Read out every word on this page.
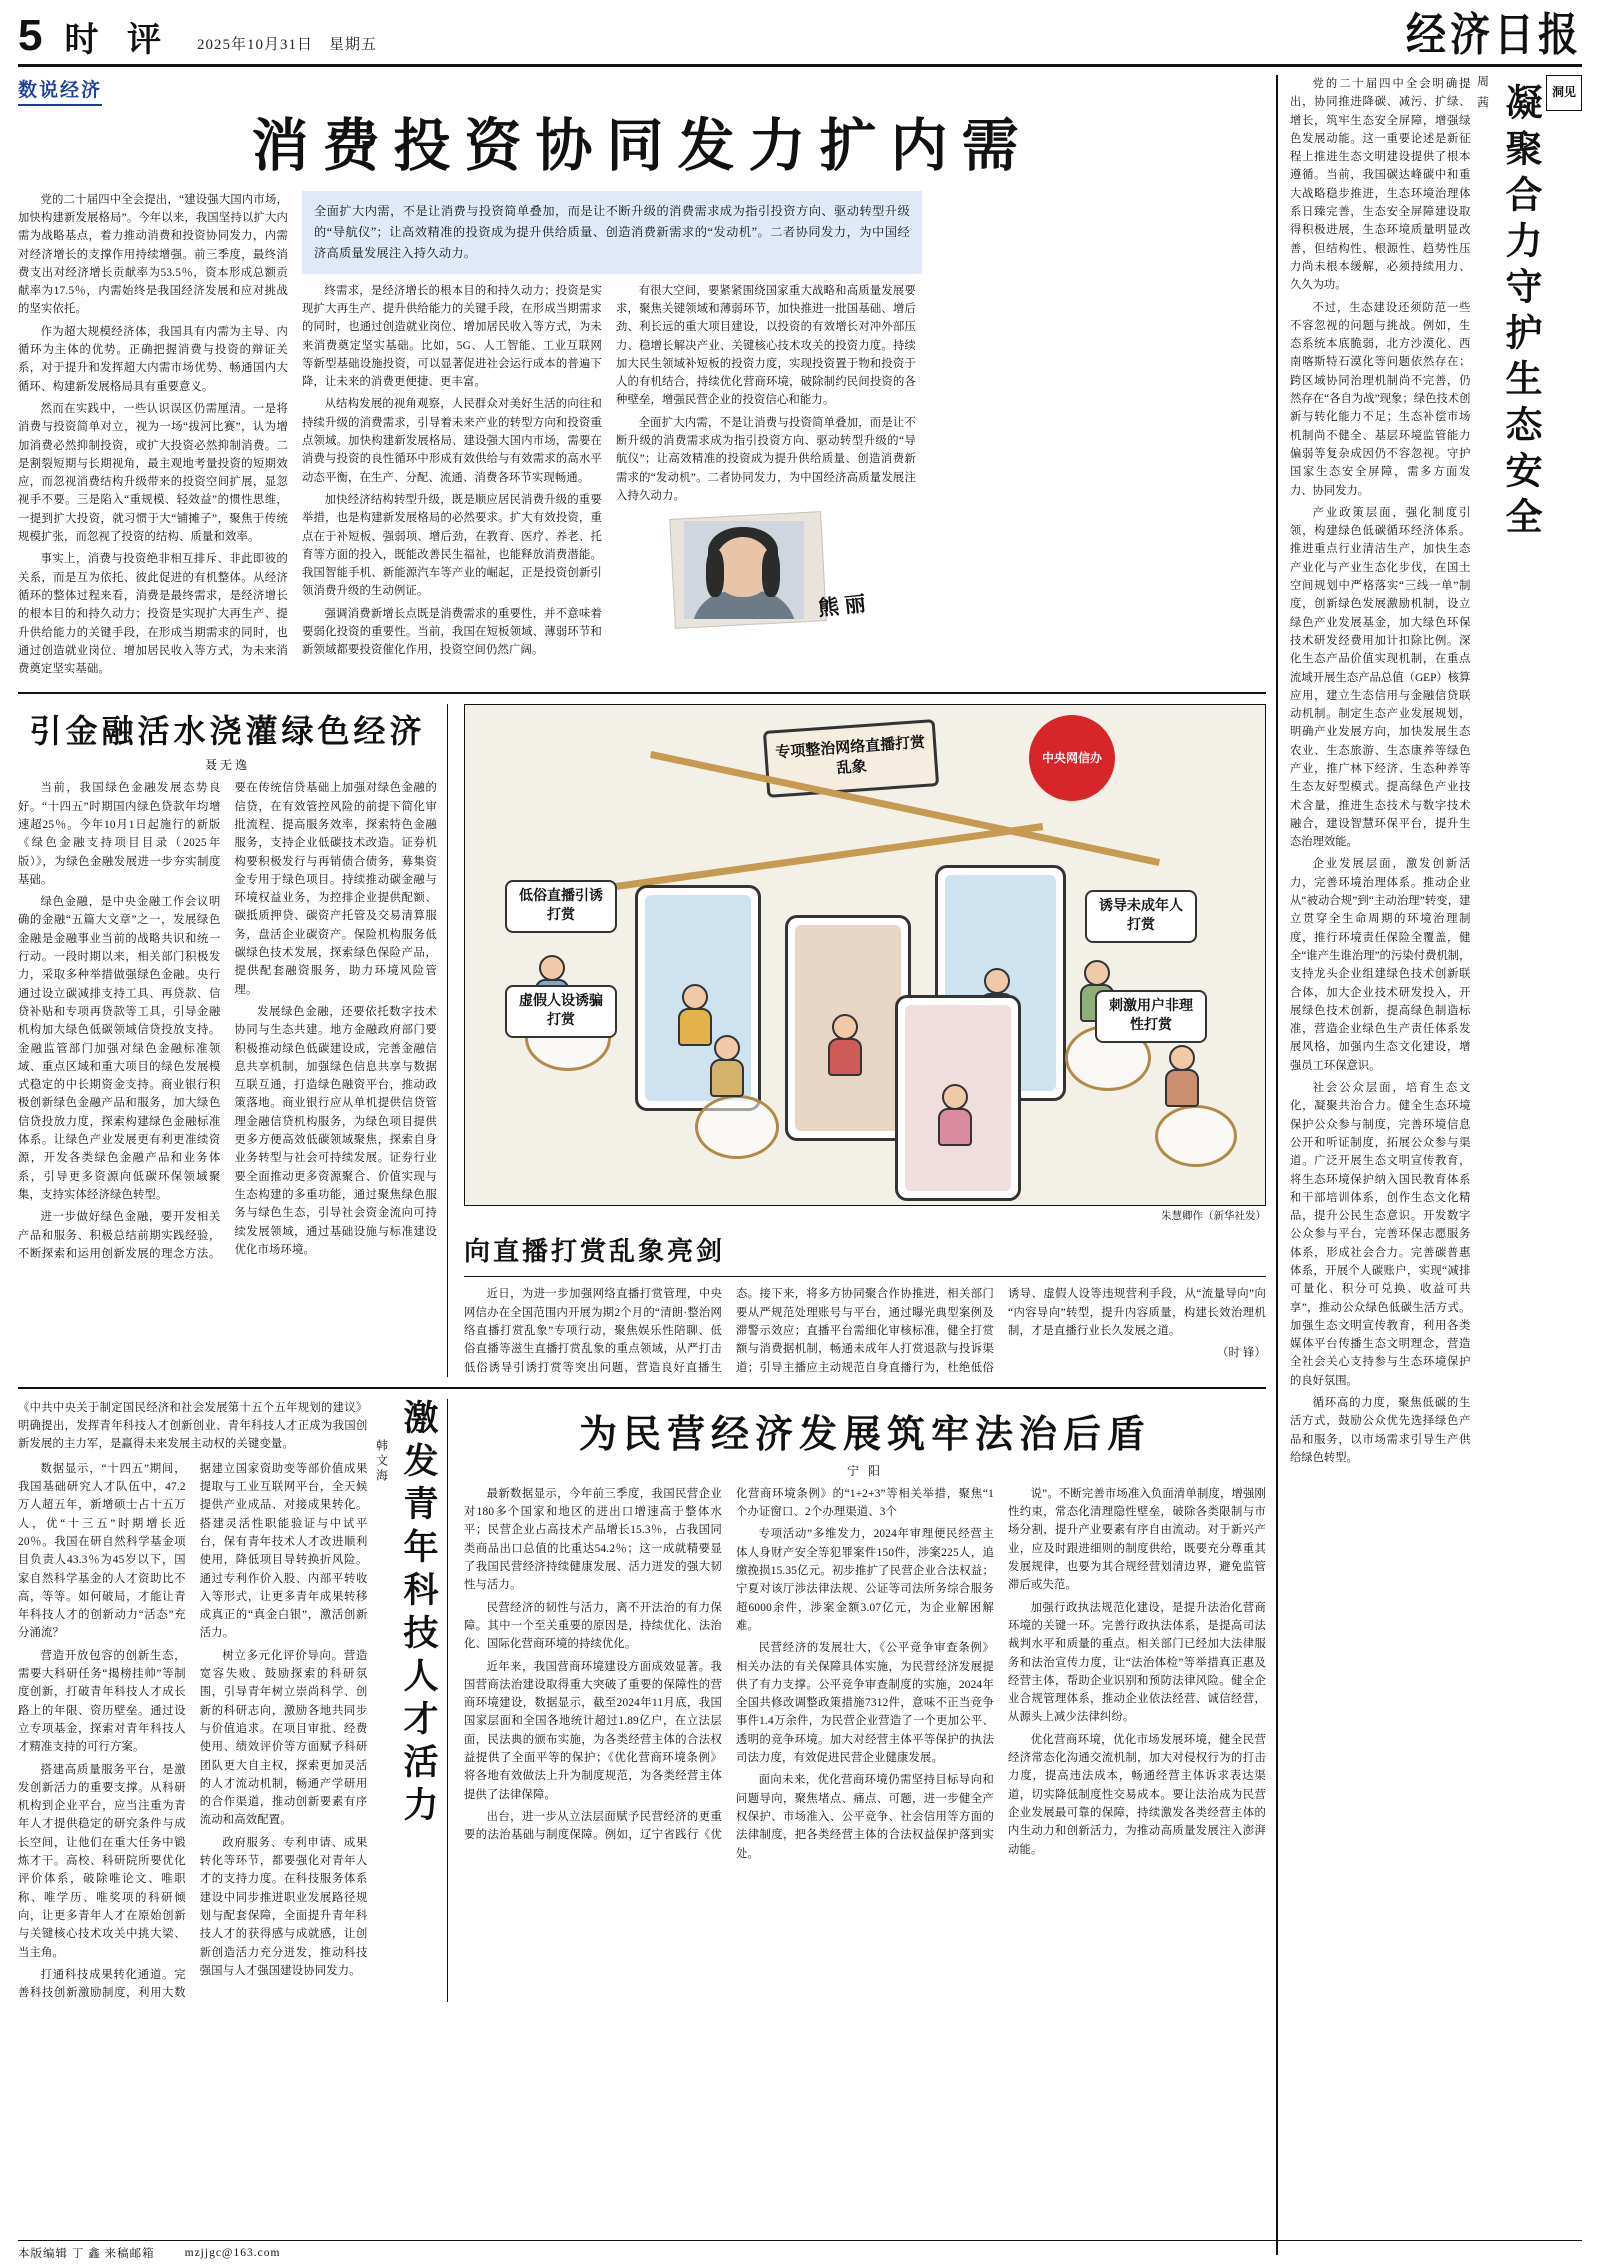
5 时 评 2025年10月31日　星期五	经济日报
数说经济
消费投资协同发力扩内需

党的二十届四中全会提出，“建设强大国内市场，加快构建新发展格局”。今年以来，我国坚持以扩大内需为战略基点，着力推动消费和投资协同发力，内需对经济增长的支撑作用持续增强。前三季度，最终消费支出对经济增长贡献率为53.5％，资本形成总额贡献率为17.5％，内需始终是我国经济发展和应对挑战的坚实依托。

作为超大规模经济体，我国具有内需为主导、内循环为主体的优势。正确把握消费与投资的辩证关系，对于提升和发挥超大内需市场优势、畅通国内大循环、构建新发展格局具有重要意义。

然而在实践中，一些认识误区仍需厘清。一是将消费与投资简单对立，视为一场“拔河比赛”，认为增加消费必然抑制投资，或扩大投资必然抑制消费。二是割裂短期与长期视角，最主观地考量投资的短期效应，而忽视消费结构升级带来的投资空间扩展，显忽视手不要。三是陷入“重规模、轻效益”的惯性思维，一提到扩大投资，就习惯于大“铺摊子”，聚焦于传统规模扩张，而忽视了投资的结构、质量和效率。

事实上，消费与投资绝非相互排斥、非此即彼的关系，而是互为依托、彼此促进的有机整体。从经济循环的整体过程来看，消费是最终需求，是经济增长的根本目的和持久动力；投资是实现扩大再生产、提升供给能力的关键手段，在形成当期需求的同时，也通过创造就业岗位、增加居民收入等方式，为未来消费奠定坚实基础。

全面扩大内需，不是让消费与投资简单叠加，而是让不断升级的消费需求成为指引投资方向、驱动转型升级的“导航仪”；让高效精准的投资成为提升供给质量、创造消费新需求的“发动机”。二者协同发力，为中国经济高质量发展注入持久动力。

终需求，是经济增长的根本目的和持久动力；投资是实现扩大再生产、提升供给能力的关键手段，在形成当期需求的同时，也通过创造就业岗位、增加居民收入等方式，为未来消费奠定坚实基础。比如，5G、人工智能、工业互联网等新型基础设施投资，可以显著促进社会运行成本的普遍下降，让未来的消费更便捷、更丰富。

从结构发展的视角观察，人民群众对美好生活的向往和持续升级的消费需求，引导着未来产业的转型方向和投资重点领域。加快构建新发展格局、建设强大国内市场，需要在消费与投资的良性循环中形成有效供给与有效需求的高水平动态平衡，在生产、分配、流通、消费各环节实现畅通。

加快经济结构转型升级，既是顺应居民消费升级的重要举措，也是构建新发展格局的必然要求。扩大有效投资，重点在于补短板、强弱项、增后劲，在教育、医疗、养老、托育等方面的投入，既能改善民生福祉，也能释放消费潜能。我国智能手机、新能源汽车等产业的崛起，正是投资创新引领消费升级的生动例证。

强调消费新增长点既是消费需求的重要性，并不意味着要弱化投资的重要性。当前，我国在短板领域、薄弱环节和新领域都要投资催化作用，投资空间仍然广阔。

有很大空间，要紧紧围绕国家重大战略和高质量发展要求，聚焦关键领域和薄弱环节，加快推进一批国基础、增后劲、利长远的重大项目建设，以投资的有效增长对冲外部压力、稳增长解决产业、关键核心技术攻关的投资力度。持续加大民生领域补短板的投资力度，实现投资置于物和投资于人的有机结合，持续优化营商环境，破除制约民间投资的各种壁垒，增强民营企业的投资信心和能力。

全面扩大内需，不是让消费与投资简单叠加，而是让不断升级的消费需求成为指引投资方向、驱动转型升级的“导航仪”；让高效精准的投资成为提升供给质量、创造消费新需求的“发动机”。二者协同发力，为中国经济高质量发展注入持久动力。

熊 丽
引金融活水浇灌绿色经济
聂无逸

当前，我国绿色金融发展态势良好。“十四五”时期国内绿色贷款年均增速超25％。今年10月1日起施行的新版《绿色金融支持项目目录（2025年版）》，为绿色金融发展进一步夯实制度基础。

绿色金融，是中央金融工作会议明确的金融“五篇大文章”之一，发展绿色金融是金融事业当前的战略共识和统一行动。一段时期以来，相关部门积极发力，采取多种举措做强绿色金融。央行通过设立碳减排支持工具、再贷款、信贷补贴和专项再贷款等工具，引导金融机构加大绿色低碳领域信贷投放支持。金融监管部门加强对绿色金融标准领域、重点区域和重大项目的绿色发展模式稳定的中长期资金支持。商业银行积极创新绿色金融产品和服务，加大绿色信贷投放力度，探索构建绿色金融标准体系。让绿色产业发展更有利更准续资源，开发各类绿色金融产品和业务体系，引导更多资源向低碳环保领域聚集，支持实体经济绿色转型。

进一步做好绿色金融，要开发相关产品和服务、积极总结前期实践经验，不断探索和运用创新发展的理念方法。要在传统信贷基础上加强对绿色金融的信贷，在有效管控风险的前提下简化审批流程、提高服务效率，探索特色金融服务，支持企业低碳技术改造。证券机构要积极发行与再销债合债务，募集资金专用于绿色项目。持续推动碳金融与环境权益业务，为控排企业提供配额、碳抵质押贷、碳资产托管及交易清算服务，盘活企业碳资产。保险机构服务低碳绿色技术发展，探索绿色保险产品，提供配套融资服务，助力环境风险管理。

发展绿色金融，还要依托数字技术协同与生态共建。地方金融政府部门要积极推动绿色低碳建设成，完善金融信息共享机制，加强绿色信息共享与数据互联互通，打造绿色融资平台，推动政策落地。商业银行应从单机提供信贷管理金融信贷机构服务，为绿色项目提供更多方便高效低碳领域聚焦，探索自身业务转型与社会可持续发展。证券行业要全面推动更多资源聚合、价值实现与生态构建的多重功能，通过聚焦绿色服务与绿色生态，引导社会资金流向可持续发展领域，通过基础设施与标准建设优化市场环境。

中央网信办
专项整治网络直播打赏乱象
低俗直播引诱打赏
诱导未成年人打赏
虚假人设诱骗打赏
刺激用户非理性打赏
朱慧卿作（新华社发）
向直播打赏乱象亮剑

近日，为进一步加强网络直播打赏管理，中央网信办在全国范围内开展为期2个月的“清朗·整治网络直播打赏乱象”专项行动，聚焦娱乐性陪聊、低俗直播等滋生直播打赏乱象的重点领域，从严打击低俗诱导引诱打赏等突出问题，营造良好直播生态。接下来，将多方协同聚合作协推进，相关部门要从严规范处理账号与平台，通过曝光典型案例及滞警示效应；直播平台需细化审核标准，健全打赏额与消费据机制，畅通未成年人打赏退款与投诉渠道；引导主播应主动规范自身直播行为，杜绝低俗诱导、虚假人设等违规营利手段，从“流量导向”向“内容导向”转型，提升内容质量，构建长效治理机制，才是直播行业长久发展之道。

（时 锋）

《中共中央关于制定国民经济和社会发展第十五个五年规划的建议》明确提出，发挥青年科技人才创新创业、青年科技人才正成为我国创新发展的主力军，是赢得未来发展主动权的关键变量。

数据显示，“十四五”期间，我国基础研究人才队伍中，47.2万人超五年，新增硕士占十五万人，优“十三五”时期增长近20％。我国在研自然科学基金项目负责人43.3％为45岁以下，国家自然科学基金的人才资助比不高，等等。如何破局，才能让青年科技人才的创新动力“活态”充分涌流？

营造开放包容的创新生态，需要大科研任务“揭榜挂帅”等制度创新，打破青年科技人才成长路上的年限、资历壁垒。通过设立专项基金，探索对青年科技人才精准支持的可行方案。

搭建高质量服务平台，是激发创新活力的重要支撑。从科研机构到企业平台，应当注重为青年人才提供稳定的研究条件与成长空间，让他们在重大任务中锻炼才干。高校、科研院所要优化评价体系，破除唯论文、唯职称、唯学历、唯奖项的科研倾向，让更多青年人才在原始创新与关键核心技术攻关中挑大梁、当主角。

打通科技成果转化通道。完善科技创新激励制度，利用大数据建立国家资助变等部价值成果提取与工业互联网平台，全天候提供产业成品、对接成果转化。搭建灵活性职能验证与中试平台，保有青年技术人才改进顺利使用，降低项目导转换折风险。通过专利作价入股、内部平转收入等形式，让更多青年成果转移成真正的“真金白银”，激活创新活力。

树立多元化评价导向。营造宽容失败、鼓励探索的科研氛围，引导青年树立崇尚科学、创新的科研志向，激励各地共同步与价值追求。在项目审批、经费使用、绩效评价等方面赋予科研团队更大自主权，探索更加灵活的人才流动机制，畅通产学研用的合作渠道，推动创新要素有序流动和高效配置。

政府服务、专利申请、成果转化等环节，都要强化对青年人才的支持力度。在科技服务体系建设中同步推进职业发展路径规划与配套保障，全面提升青年科技人才的获得感与成就感，让创新创造活力充分迸发，推动科技强国与人才强国建设协同发力。

韩文海 激发青年科技人才活力	为民营经济发展筑牢法治后盾
宁 阳

最新数据显示，今年前三季度，我国民营企业对180多个国家和地区的进出口增速高于整体水平；民营企业占高技术产品增长15.3％，占我国同类商品出口总值的比重达54.2％；这一成就精要显了我国民营经济持续健康发展、活力迸发的强大韧性与活力。

民营经济的韧性与活力，离不开法治的有力保障。其中一个至关重要的原因是，持续优化、法治化、国际化营商环境的持续优化。

近年来，我国营商环境建设方面成效显著。我国营商法治建设取得重大突破了重要的保障性的营商环境建设，数据显示，截至2024年11月底，我国国家层面和全国各地统计超过1.89亿户，在立法层面，民法典的颁布实施，为各类经营主体的合法权益提供了全面平等的保护；《优化营商环境条例》将各地有效做法上升为制度规范，为各类经营主体提供了法律保障。

出台，进一步从立法层面赋予民营经济的更重要的法治基础与制度保障。例如，辽宁省践行《优化营商环境条例》的“1+2+3”等相关举措，聚焦“1个办证窗口、2个办理渠道、3个

专项活动”多维发力，2024年审理便民经营主体人身财产安全等犯罪案件150件，涉案225人，追缴挽损15.35亿元。初步推扩了民营企业合法权益；宁夏对该厅涉法律法规、公证等司法所务综合服务超6000余件，涉案金额3.07亿元，为企业解困解难。

民营经济的发展壮大，《公平竞争审查条例》相关办法的有关保障具体实施，为民营经济发展提供了有力支撑。公平竞争审查制度的实施，2024年全国共修改调整政策措施7312件，意味不正当竞争事件1.4万余件，为民营企业营造了一个更加公平、透明的竞争环境。加大对经营主体平等保护的执法司法力度，有效促进民营企业健康发展。

面向未来，优化营商环境仍需坚持目标导向和问题导向，聚焦堵点、痛点、可题，进一步健全产权保护、市场准入、公平竞争、社会信用等方面的法律制度，把各类经营主体的合法权益保护落到实处。

说”。不断完善市场准入负面清单制度，增强刚性约束，常态化清理隐性壁垒，破除各类限制与市场分割，提升产业要素有序自由流动。对于新兴产业，应及时跟进细则的制度供给，既要充分尊重其发展规律，也要为其合规经营划清边界，避免监管滞后或失范。

加强行政执法规范化建设，是提升法治化营商环境的关键一环。完善行政执法体系，是提高司法裁判水平和质量的重点。相关部门已经加大法律服务和法治宣传力度，让“法治体检”等举措真正惠及经营主体，帮助企业识别和预防法律风险。健全企业合规管理体系，推动企业依法经营、诚信经营，从源头上减少法律纠纷。

优化营商环境，优化市场发展环境，健全民营经济常态化沟通交流机制，加大对侵权行为的打击力度，提高违法成本，畅通经营主体诉求表达渠道，切实降低制度性交易成本。要让法治成为民营企业发展最可靠的保障，持续激发各类经营主体的内生动力和创新活力，为推动高质量发展注入澎湃动能。

洞见

党的二十届四中全会明确提出，协同推进降碳、减污、扩绿、增长，筑牢生态安全屏障，增强绿色发展动能。这一重要论述是新征程上推进生态文明建设提供了根本遵循。当前，我国碳达峰碳中和重大战略稳步推进，生态环境治理体系日臻完善，生态安全屏障建设取得积极进展，生态环境质量明显改善，但结构性、根源性、趋势性压力尚未根本缓解，必须持续用力、久久为功。

不过，生态建设还须防范一些不容忽视的问题与挑战。例如，生态系统本底脆弱，北方沙漠化、西南喀斯特石漠化等问题依然存在；跨区域协同治理机制尚不完善，仍然存在“各自为战”现象；绿色技术创新与转化能力不足；生态补偿市场机制尚不健全、基层环境监管能力偏弱等复杂成因仍不容忽视。守护国家生态安全屏障，需多方面发力、协同发力。

产业政策层面，强化制度引领，构建绿色低碳循环经济体系。推进重点行业清洁生产，加快生态产业化与产业生态化步伐，在国土空间规划中严格落实“三线一单”制度，创新绿色发展激励机制，设立绿色产业发展基金，加大绿色环保技术研发经费用加计扣除比例。深化生态产品价值实现机制，在重点流域开展生态产品总值（GEP）核算应用，建立生态信用与金融信贷联动机制。制定生态产业发展规划，明确产业发展方向，加快发展生态农业、生态旅游、生态康养等绿色产业，推广林下经济、生态种养等生态友好型模式。提高绿色产业技术含量，推进生态技术与数字技术融合，建设智慧环保平台，提升生态治理效能。

企业发展层面，激发创新活力，完善环境治理体系。推动企业从“被动合规”到“主动治理”转变，建立贯穿全生命周期的环境治理制度，推行环境责任保险全覆盖，健全“谁产生谁治理”的污染付费机制，支持龙头企业组建绿色技术创新联合体，加大企业技术研发投入，开展绿色技术创新，提高绿色制造标准，营造企业绿色生产责任体系发展风格，加强内生态文化建设，增强员工环保意识。

社会公众层面，培育生态文化，凝聚共治合力。健全生态环境保护公众参与制度，完善环境信息公开和听证制度，拓展公众参与渠道。广泛开展生态文明宣传教育，将生态环境保护纳入国民教育体系和干部培训体系，创作生态文化精品，提升公民生态意识。开发数字公众参与平台，完善环保志愿服务体系，形成社会合力。完善碳普惠体系，开展个人碳账户，实现“减排可量化、积分可兑换、收益可共享”，推动公众绿色低碳生活方式。加强生态文明宣传教育，利用各类媒体平台传播生态文明理念，营造全社会关心支持参与生态环境保护的良好氛围。

循环高的力度，聚焦低碳的生活方式，鼓励公众优先选择绿色产品和服务，以市场需求引导生产供给绿色转型。

周 茜 凝聚合力守护生态安全
本版编辑 丁 鑫 来稿邮箱	mzjjgc@163.com
